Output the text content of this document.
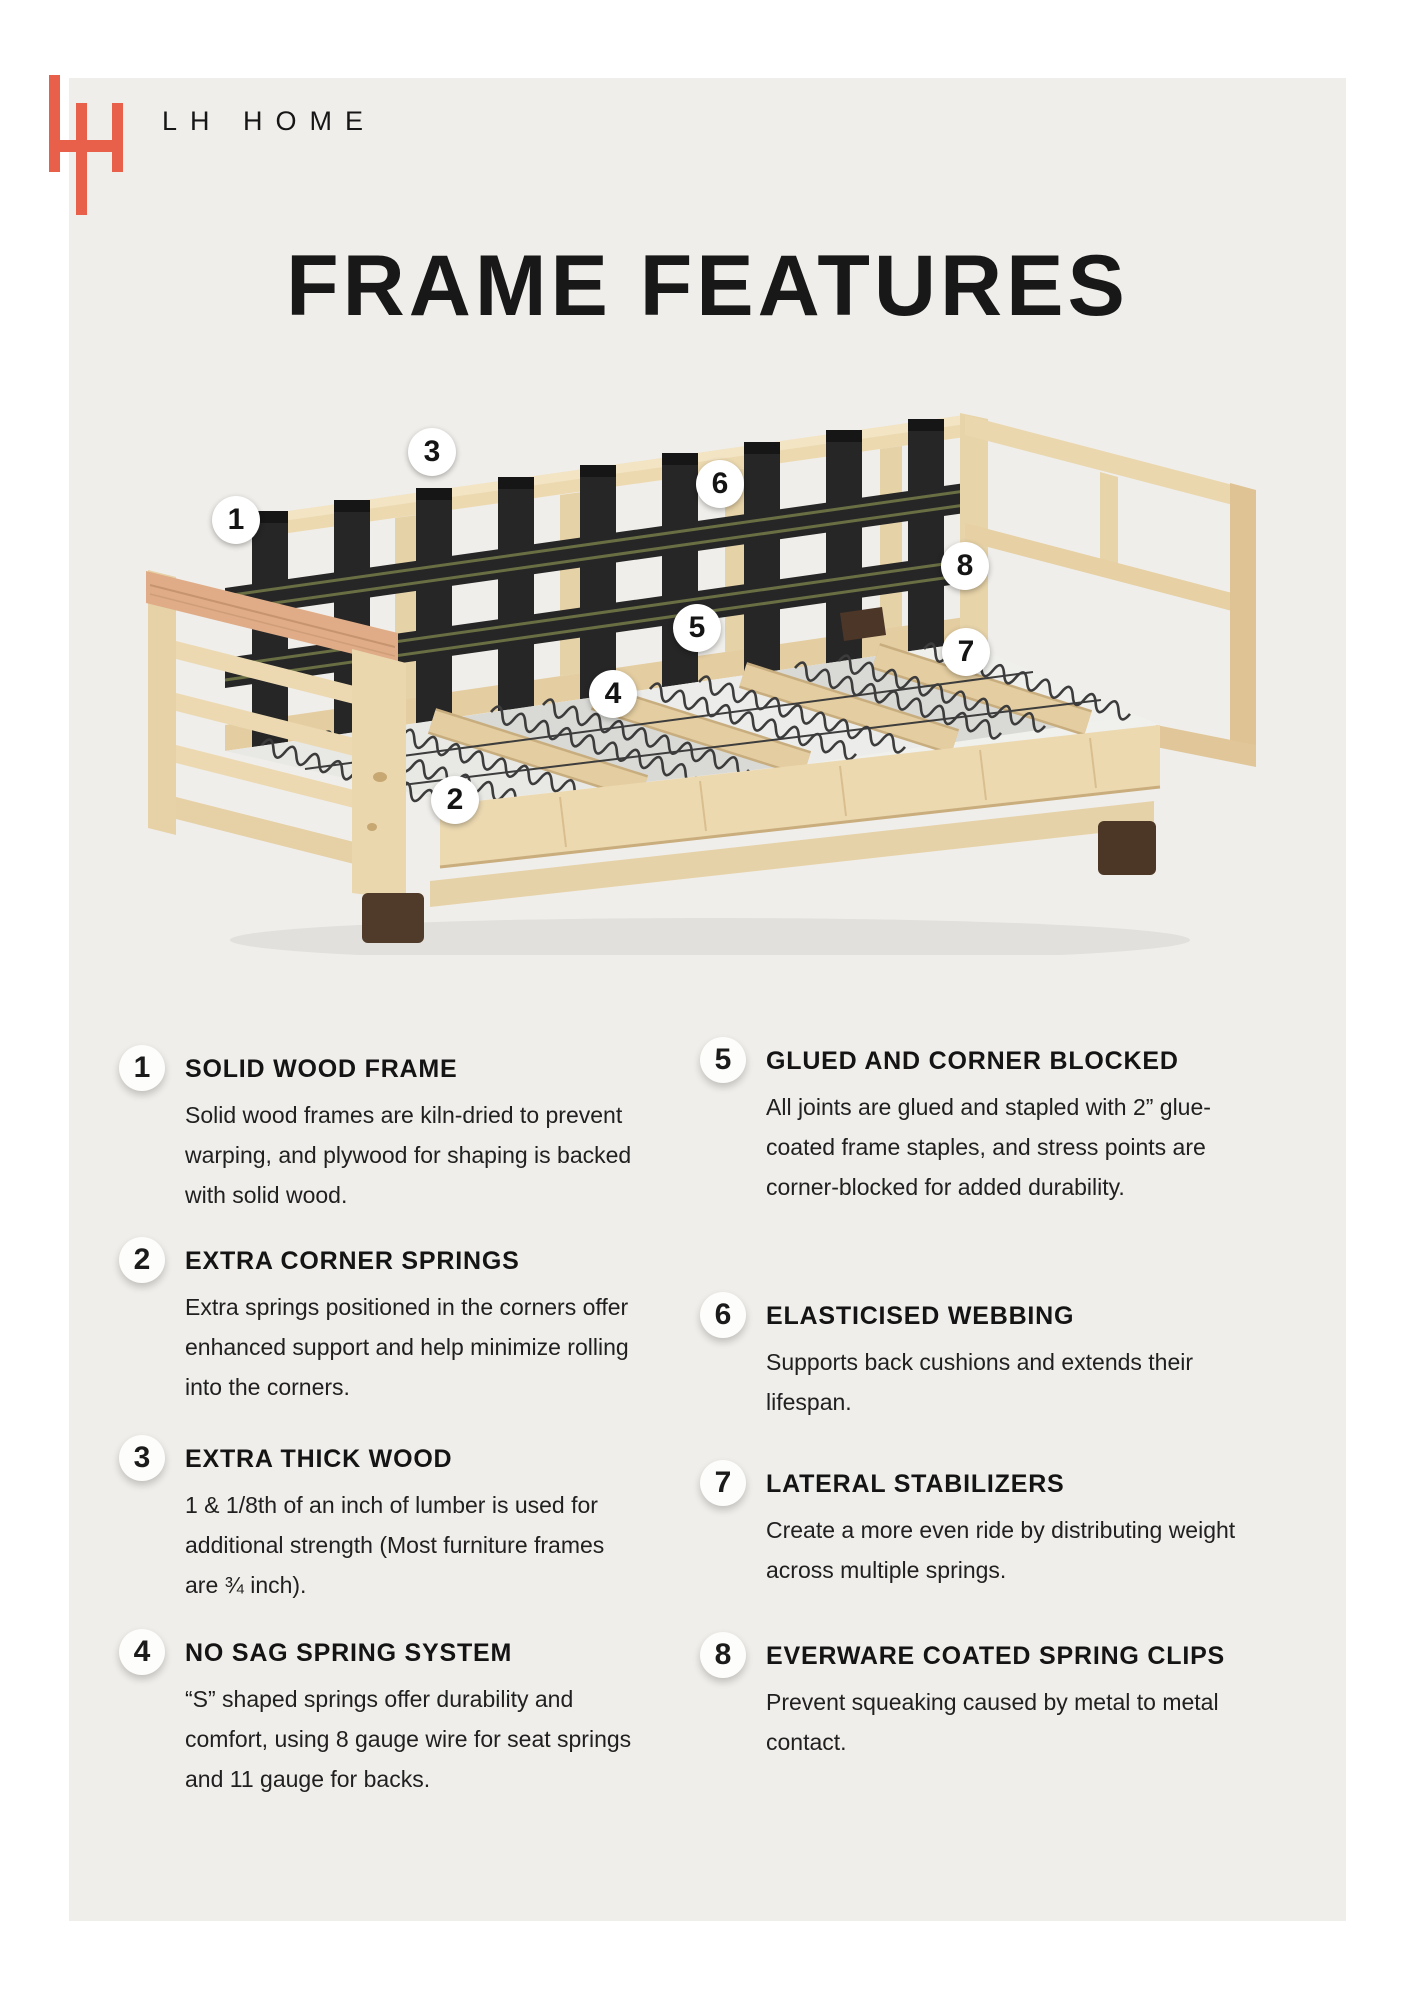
LH HOME
FRAME FEATURES
1
2
3
4
5
6
7
8
1	SOLID WOOD FRAME

Solid wood frames are kiln-dried to prevent warping, and plywood for shaping is backed with solid wood.

2	EXTRA CORNER SPRINGS

Extra springs positioned in the corners offer enhanced support and help minimize rolling into the corners.

3	EXTRA THICK WOOD

1 & 1/8th of an inch of lumber is used for additional strength (Most furniture frames are ¾ inch).

4	NO SAG SPRING SYSTEM

“S” shaped springs offer durability and comfort, using 8 gauge wire for seat springs and 11 gauge for backs.

5	GLUED AND CORNER BLOCKED

All joints are glued and stapled with 2” glue-coated frame staples, and stress points are corner-blocked for added durability.

6	ELASTICISED WEBBING

Supports back cushions and extends their lifespan.

7	LATERAL STABILIZERS

Create a more even ride by distributing weight across multiple springs.

8	EVERWARE COATED SPRING CLIPS

Prevent squeaking caused by metal to metal contact.
